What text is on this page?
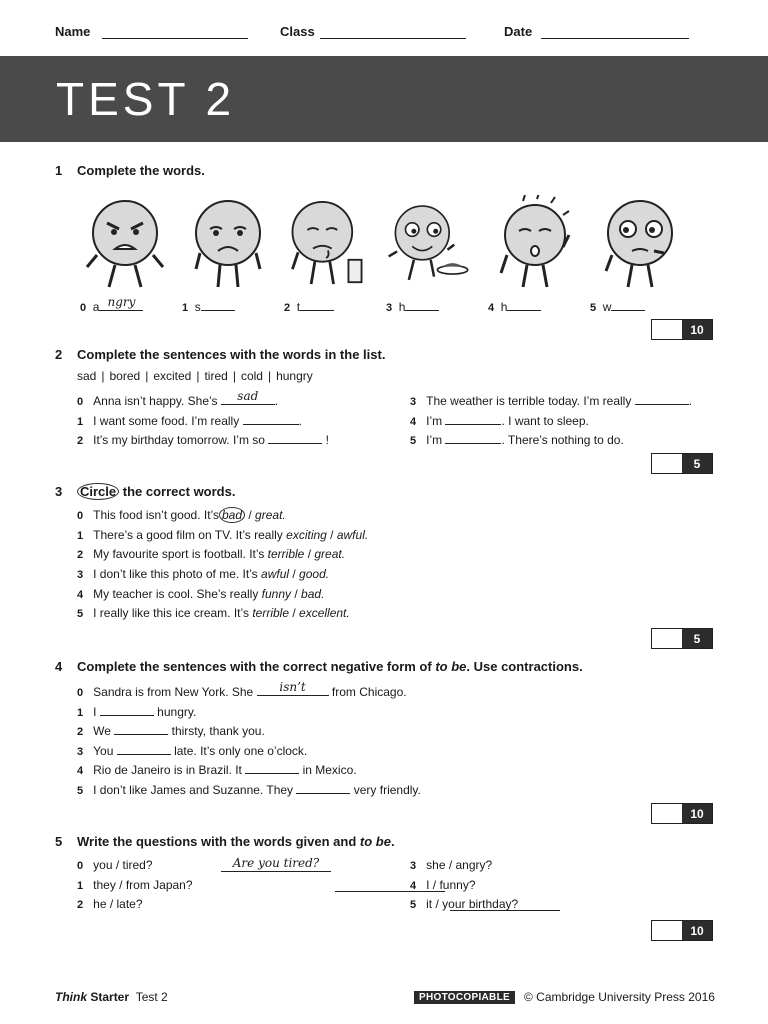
Name	Class	Date
TEST 2
1 Complete the words.
0 a ngry	1 s	2 t	3 h	4 h	5 w
10
2 Complete the sentences with the words in the list.
sad | bored | excited | tired | cold | hungry
0 Anna isn’t happy. She’s	sad	.
1 I want some food. I’m really	.
2 It’s my birthday tomorrow. I’m so	!
3 The weather is terrible today. I’m really	.
4 I’m	. I want to sleep.
5 I’m	. There’s nothing to do.
5
3 Circle the correct words.
0 This food isn’t good. It’s bad / great.
1 There’s a good film on TV. It’s really exciting / awful.
2 My favourite sport is football. It’s terrible / great.
3 I don’t like this photo of me. It’s awful / good.
4 My teacher is cool. She’s really funny / bad.
5 I really like this ice cream. It’s terrible / excellent.
5
4 Complete the sentences with the correct negative form of to be. Use contractions.
0 Sandra is from New York. She	isn’t	from Chicago.
1 I	hungry.
2 We	thirsty, thank you.
3 You	late. It’s only one o’clock.
4 Rio de Janeiro is in Brazil. It	in Mexico.
5 I don’t like James and Suzanne. They	very friendly.
10
5 Write the questions with the words given and to be.
0 you / tired?	Are you tired?

1 they / from Japan?

2 he / late?

3 she / angry?

4 I / funny?

5 it / your birthday?
10
Think Starter Test 2	PHOTOCOPIABLE	© Cambridge University Press 2016
